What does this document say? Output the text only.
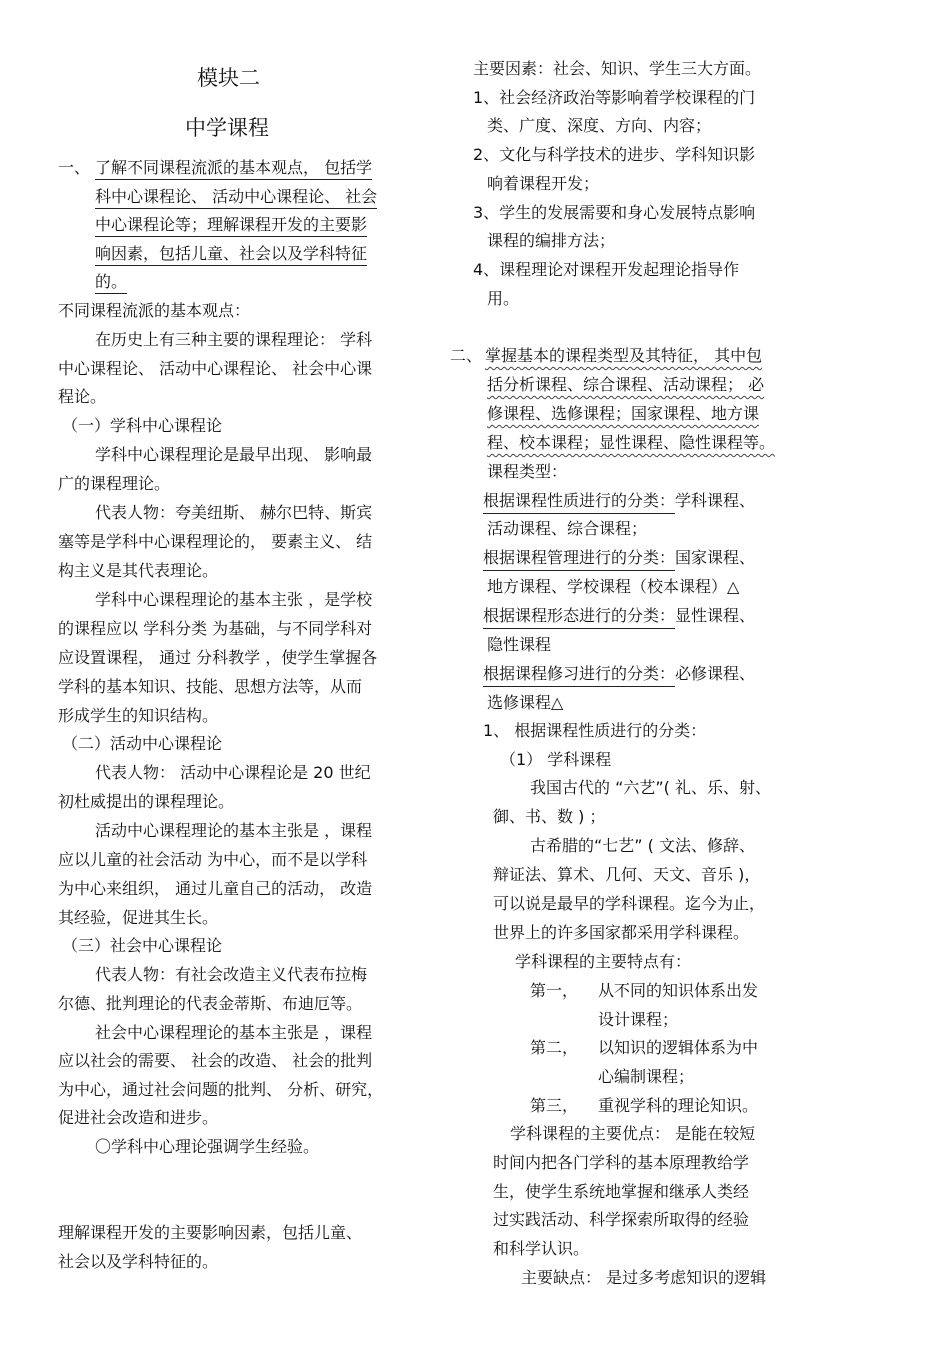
模块二
中学课程
一、 了解不同课程流派的基本观点， 包括学
科中心课程论、 活动中心课程论、 社会
中心课程论等；理解课程开发的主要影
响因素，包括儿童、社会以及学科特征
的。
不同课程流派的基本观点：
在历史上有三种主要的课程理论： 学科
中心课程论、 活动中心课程论、 社会中心课
程论。
（一）学科中心课程论
学科中心课程理论是最早出现、 影响最
广的课程理论。
代表人物：夸美纽斯、 赫尔巴特、斯宾
塞等是学科中心课程理论的， 要素主义、 结
构主义是其代表理论。
学科中心课程理论的基本主张 ，是学校
的课程应以 学科分类 为基础，与不同学科对
应设置课程， 通过 分科教学 ，使学生掌握各
学科的基本知识、技能、思想方法等，从而
形成学生的知识结构。
（二）活动中心课程论
代表人物： 活动中心课程论是 20 世纪
初杜威提出的课程理论。
活动中心课程理论的基本主张是 ，课程
应以儿童的社会活动 为中心，而不是以学科
为中心来组织， 通过儿童自己的活动， 改造
其经验，促进其生长。
（三）社会中心课程论
代表人物：有社会改造主义代表布拉梅
尔德、批判理论的代表金蒂斯、布迪厄等。
社会中心课程理论的基本主张是 ，课程
应以社会的需要、 社会的改造、 社会的批判
为中心，通过社会问题的批判、 分析、研究，
促进社会改造和进步。
〇学科中心理论强调学生经验。
理解课程开发的主要影响因素，包括儿童、
社会以及学科特征的。
主要因素：社会、知识、学生三大方面。
1、社会经济政治等影响着学校课程的门
类、广度、深度、方向、内容；
2、文化与科学技术的进步、学科知识影
响着课程开发；
3、学生的发展需要和身心发展特点影响
课程的编排方法；
4、课程理论对课程开发起理论指导作
用。
二、 掌握基本的课程类型及其特征， 其中包
括分析课程、综合课程、活动课程； 必
修课程、选修课程；国家课程、地方课
程、校本课程；显性课程、隐性课程等。
课程类型：
根据课程性质进行的分类：学科课程、
活动课程、综合课程；
根据课程管理进行的分类：国家课程、
地方课程、学校课程（校本课程）△
根据课程形态进行的分类：显性课程、
隐性课程
根据课程修习进行的分类：必修课程、
选修课程△
1、 根据课程性质进行的分类：
（1） 学科课程
我国古代的 “六艺”( 礼、乐、射、
御、书、数 ) ；
古希腊的“七艺” ( 文法、修辞、
辩证法、算术、几何、天文、音乐 )，
可以说是最早的学科课程。迄今为止，
世界上的许多国家都采用学科课程。
学科课程的主要特点有：
第一， 从不同的知识体系出发
设计课程；
第二， 以知识的逻辑体系为中
心编制课程；
第三， 重视学科的理论知识。
学科课程的主要优点： 是能在较短
时间内把各门学科的基本原理教给学
生，使学生系统地掌握和继承人类经
过实践活动、科学探索所取得的经验
和科学认识。
主要缺点： 是过多考虑知识的逻辑
